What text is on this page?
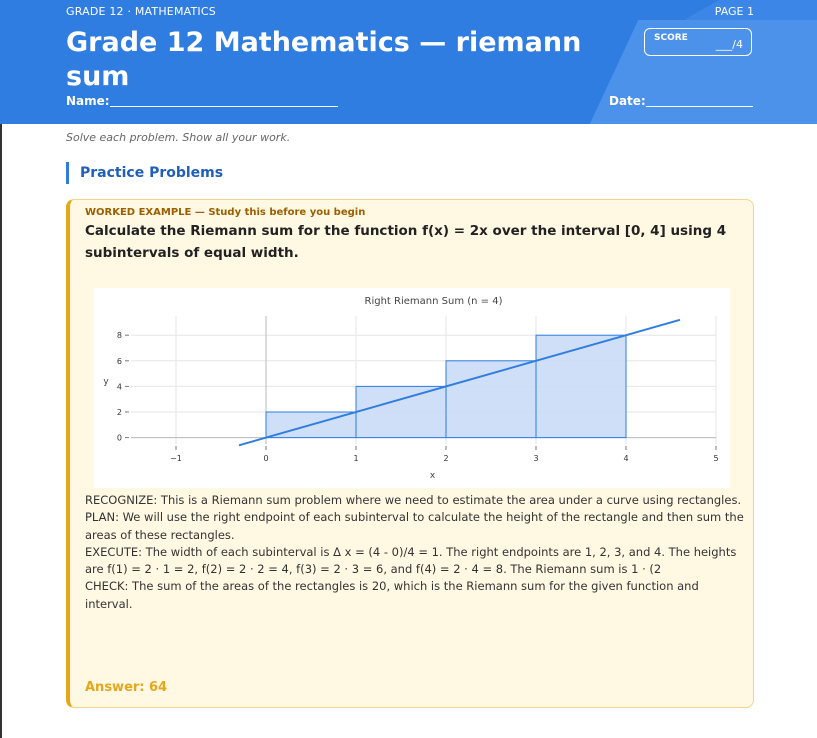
GRADE 12 · MATHEMATICS	PAGE 1
Grade 12 Mathematics — riemann sum
SCORE	___/4
Name:	Date:
Solve each problem. Show all your work.
Practice Problems
WORKED EXAMPLE — Study this before you begin
Calculate the Riemann sum for the function f(x) = 2x over the interval [0, 4] using 4 subintervals of equal width.
−1	0	1	2	3	4	5
0
2
4
6
8
Right Riemann Sum (n = 4)
x
y

RECOGNIZE: This is a Riemann sum problem where we need to estimate the area under a curve using rectangles.

PLAN: We will use the right endpoint of each subinterval to calculate the height of the rectangle and then sum the areas of these rectangles.

EXECUTE: The width of each subinterval is Δ x = (4 - 0)/4 = 1. The right endpoints are 1, 2, 3, and 4. The heights are f(1) = 2 · 1 = 2, f(2) = 2 · 2 = 4, f(3) = 2 · 3 = 6, and f(4) = 2 · 4 = 8. The Riemann sum is 1 · (2

CHECK: The sum of the areas of the rectangles is 20, which is the Riemann sum for the given function and interval.

Answer: 64
